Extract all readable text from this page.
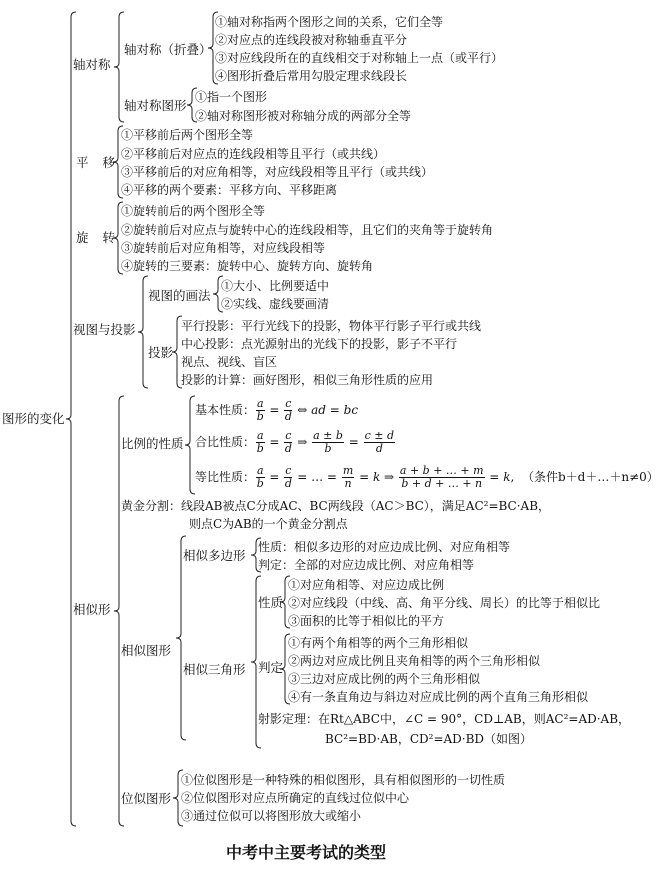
图形的变化
轴对称
轴对称（折叠）
①轴对称指两个图形之间的关系，它们全等
②对应点的连线段被对称轴垂直平分
③对应线段所在的直线相交于对称轴上一点（或平行）
④图形折叠后常用勾股定理求线段长
轴对称图形
①指一个图形
②轴对称图形被对称轴分成的两部分全等
平 移
①平移前后两个图形全等
②平移前后对应点的连线段相等且平行（或共线）
③平移前后的对应角相等，对应线段相等且平行（或共线）
④平移的两个要素：平移方向、平移距离
旋 转
①旋转前后的两个图形全等
②旋转前后对应点与旋转中心的连线段相等，且它们的夹角等于旋转角
③旋转前后对应角相等，对应线段相等
④旋转的三要素：旋转中心、旋转方向、旋转角
视图与投影
视图的画法
①大小、比例要适中
②实线、虚线要画清
投影
平行投影：平行光线下的投影，物体平行影子平行或共线
中心投影：点光源射出的光线下的投影，影子不平行
视点、视线、盲区
投影的计算：画好图形，相似三角形性质的应用
相似形
比例的性质
基本性质： $\frac{a}{b} = \frac{c}{d}$ ⇔ ad = bc
合比性质： $\frac{a}{b} = \frac{c}{d}$ ⇒ $\frac{a \pm b}{b} = \frac{c \pm d}{d}$
等比性质： $\frac{a}{b} = \frac{c}{d}$ = … = $\frac{m}{n} = k$ ⇒ $\frac{a + b + \dots + m}{b + d + \dots + n} = k$,  （条件b＋d＋…＋n≠0）
黄金分割：线段AB被点C分成AC、BC两线段（AC＞BC），满足AC²=BC·AB，
则点C为AB的一个黄金分割点
相似图形
相似多边形
性质：相似多边形的对应边成比例、对应角相等
判定：全部的对应边成比例、对应角相等
相似三角形
性质
①对应角相等、对应边成比例
②对应线段（中线、高、角平分线、周长）的比等于相似比
③面积的比等于相似比的平方
判定
①有两个角相等的两个三角形相似
②两边对应成比例且夹角相等的两个三角形相似
③三边对应成比例的两个三角形相似
④有一条直角边与斜边对应成比例的两个直角三角形相似
射影定理：在Rt△ABC中，∠C = 90°，CD⊥AB，则AC²=AD·AB，
BC²=BD·AB，CD²=AD·BD（如图）
位似图形
①位似图形是一种特殊的相似图形，具有相似图形的一切性质
②位似图形对应点所确定的直线过位似中心
③通过位似可以将图形放大或缩小
中考中主要考试的类型
